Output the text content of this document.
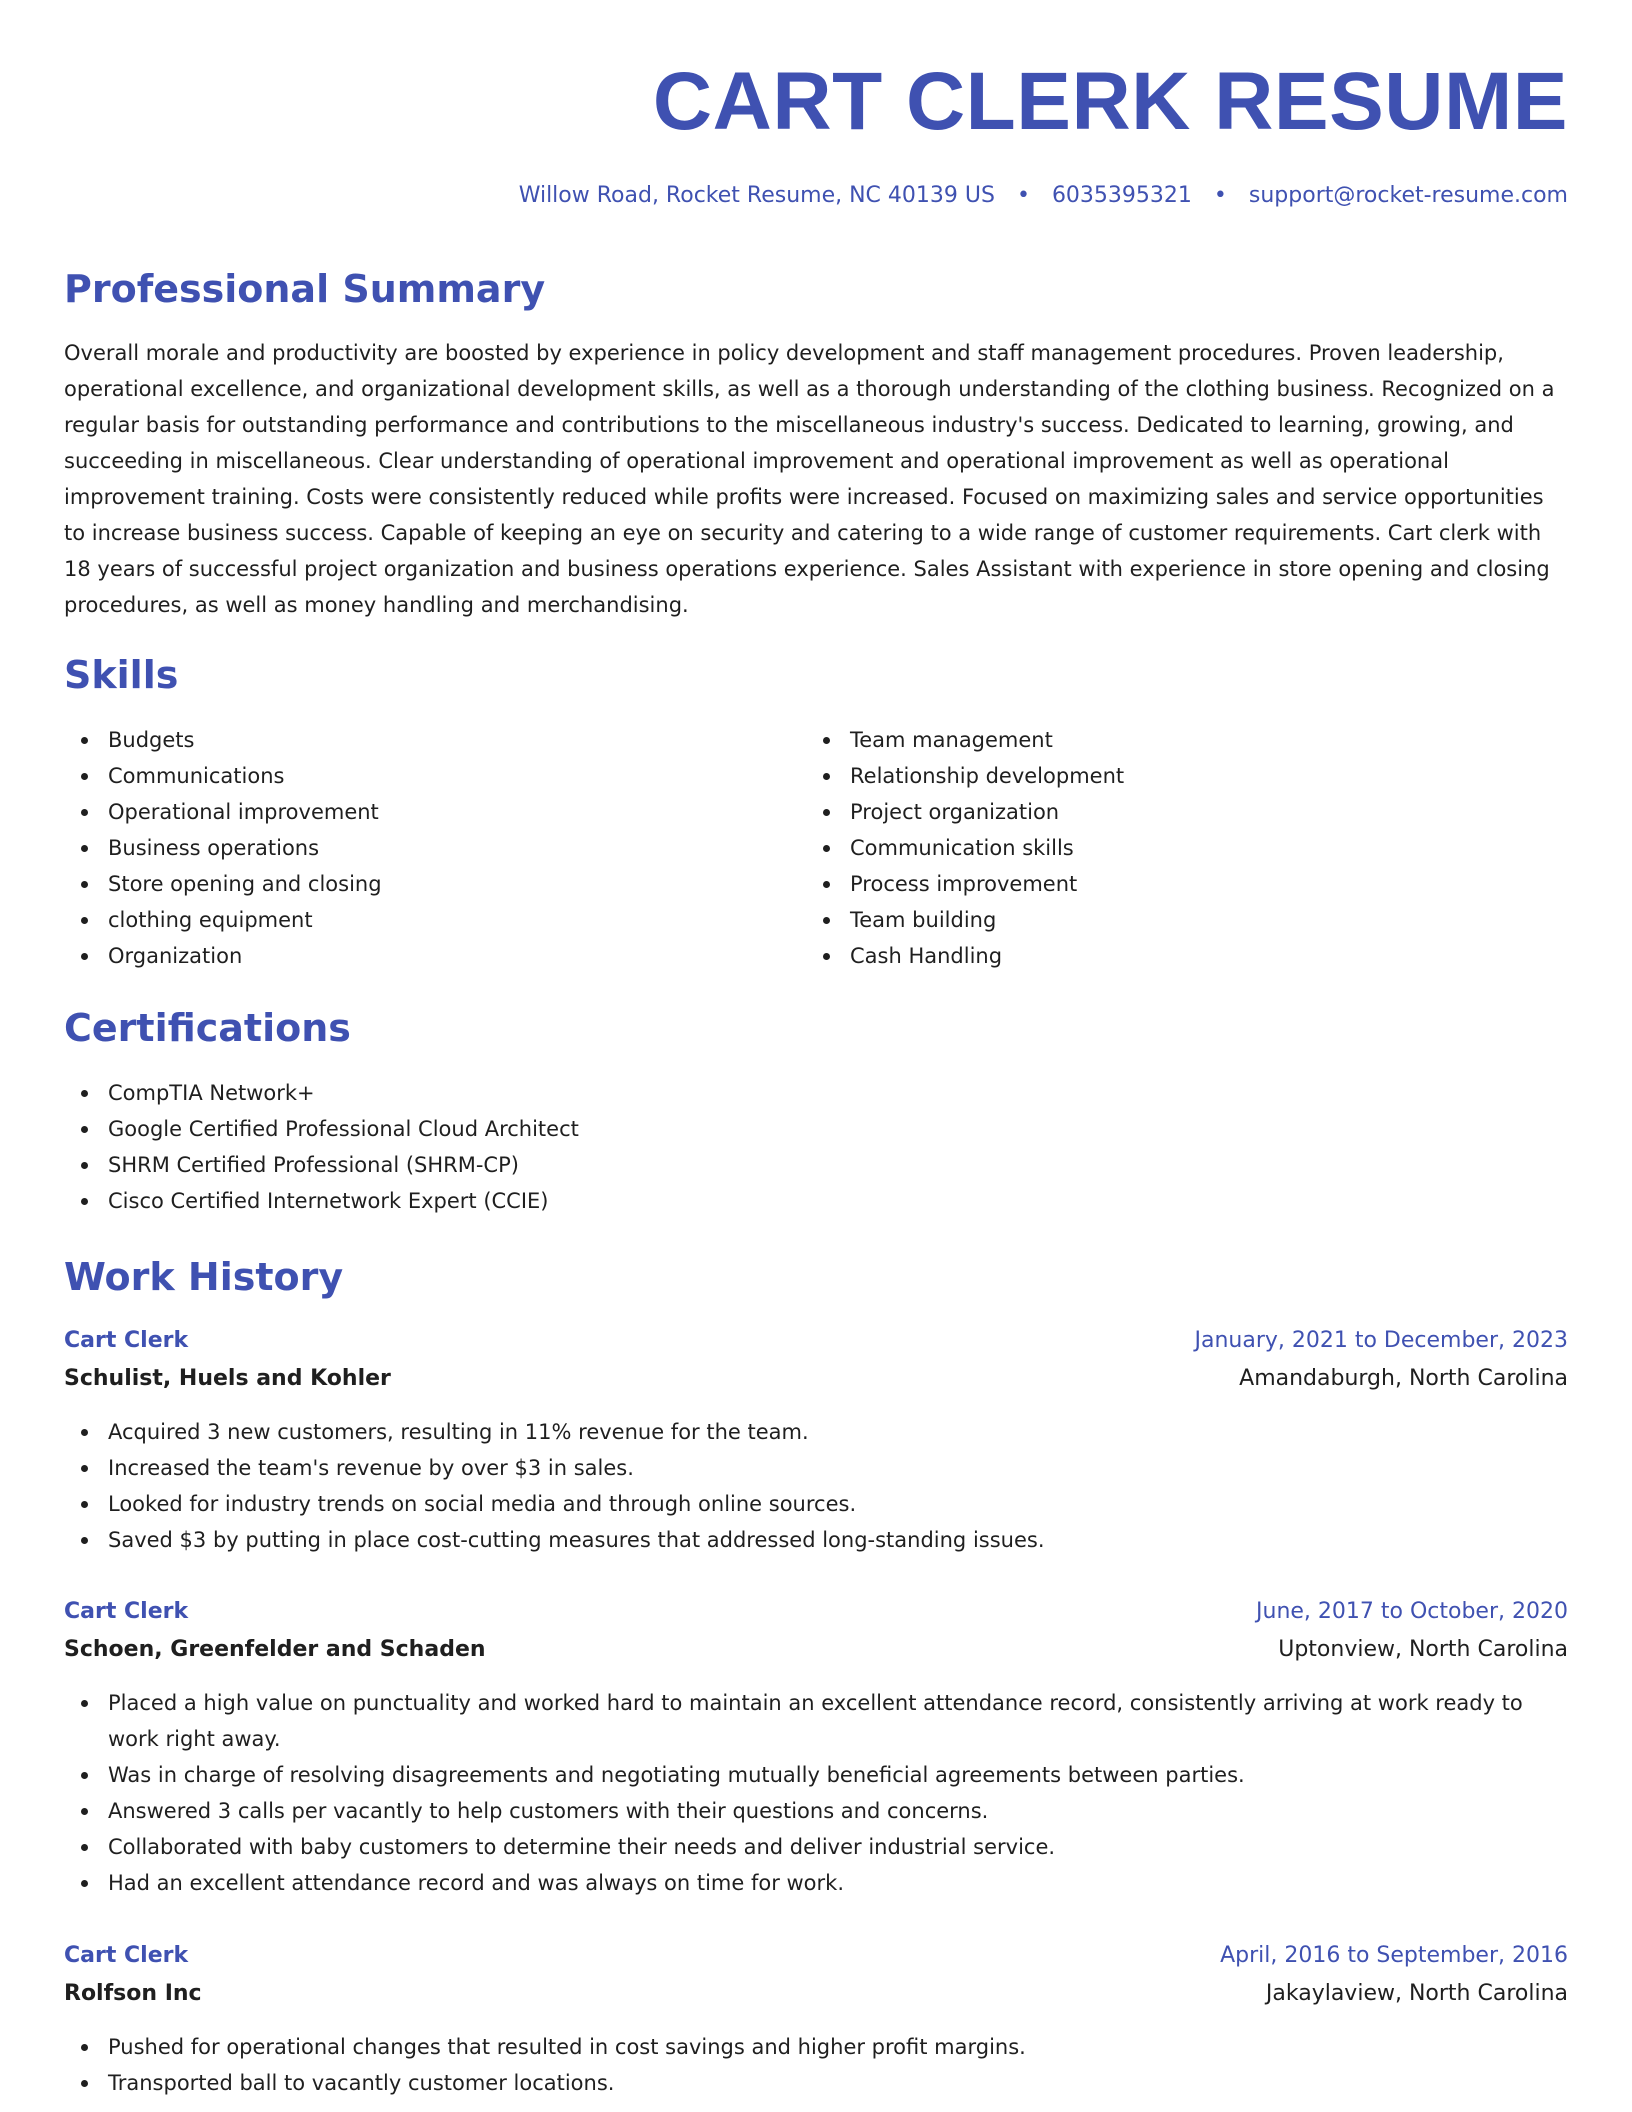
CART CLERK RESUME
Willow Road, Rocket Resume, NC 40139 US • 6035395321 • support@rocket-resume.com
Professional Summary

Overall morale and productivity are boosted by experience in policy development and staff management procedures. Proven leadership, operational excellence, and organizational development skills, as well as a thorough understanding of the clothing business. Recognized on a regular basis for outstanding performance and contributions to the miscellaneous industry's success. Dedicated to learning, growing, and succeeding in miscellaneous. Clear understanding of operational improvement and operational improvement as well as operational improvement training. Costs were consistently reduced while profits were increased. Focused on maximizing sales and service opportunities to increase business success. Capable of keeping an eye on security and catering to a wide range of customer requirements. Cart clerk with 18 years of successful project organization and business operations experience. Sales Assistant with experience in store opening and closing procedures, as well as money handling and merchandising.

Skills
Budgets
Communications
Operational improvement
Business operations
Store opening and closing
clothing equipment
Organization
Team management
Relationship development
Project organization
Communication skills
Process improvement
Team building
Cash Handling
Certifications
CompTIA Network+
Google Certified Professional Cloud Architect
SHRM Certified Professional (SHRM-CP)
Cisco Certified Internetwork Expert (CCIE)
Work History
Cart Clerk	January, 2021 to December, 2023
Schulist, Huels and Kohler	Amandaburgh, North Carolina
Acquired 3 new customers, resulting in 11% revenue for the team.
Increased the team's revenue by over $3 in sales.
Looked for industry trends on social media and through online sources.
Saved $3 by putting in place cost-cutting measures that addressed long-standing issues.
Cart Clerk	June, 2017 to October, 2020
Schoen, Greenfelder and Schaden	Uptonview, North Carolina
Placed a high value on punctuality and worked hard to maintain an excellent attendance record, consistently arriving at work ready to work right away.
Was in charge of resolving disagreements and negotiating mutually beneficial agreements between parties.
Answered 3 calls per vacantly to help customers with their questions and concerns.
Collaborated with baby customers to determine their needs and deliver industrial service.
Had an excellent attendance record and was always on time for work.
Cart Clerk	April, 2016 to September, 2016
Rolfson Inc	Jakaylaview, North Carolina
Pushed for operational changes that resulted in cost savings and higher profit margins.
Transported ball to vacantly customer locations.
